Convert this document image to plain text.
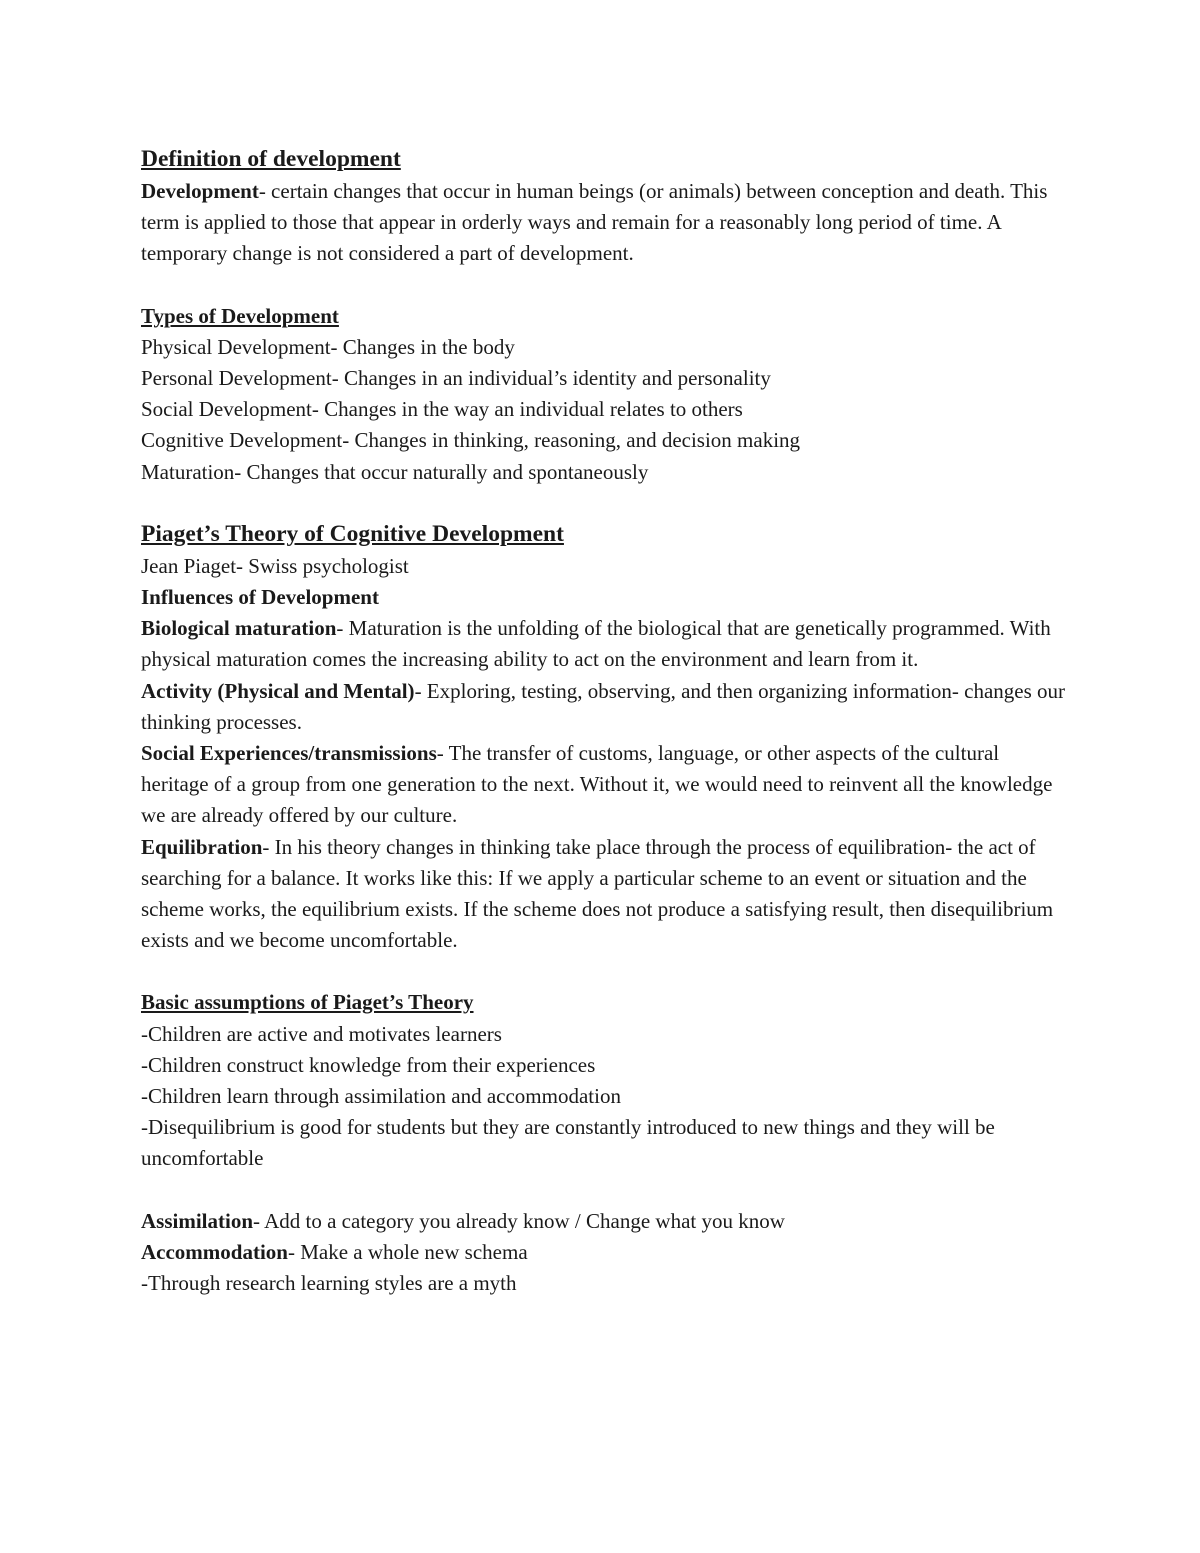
Definition of development

Development- certain changes that occur in human beings (or animals) between conception and death. This term is applied to those that appear in orderly ways and remain for a reasonably long period of time. A temporary change is not considered a part of development.

Types of Development

Physical Development- Changes in the body

Personal Development- Changes in an individual’s identity and personality

Social Development- Changes in the way an individual relates to others

Cognitive Development- Changes in thinking, reasoning, and decision making

Maturation- Changes that occur naturally and spontaneously

Piaget’s Theory of Cognitive Development

Jean Piaget- Swiss psychologist

Influences of Development

Biological maturation- Maturation is the unfolding of the biological that are genetically programmed. With physical maturation comes the increasing ability to act on the environment and learn from it.

Activity (Physical and Mental)- Exploring, testing, observing, and then organizing information- changes our thinking processes.

Social Experiences/transmissions- The transfer of customs, language, or other aspects of the cultural heritage of a group from one generation to the next. Without it, we would need to reinvent all the knowledge we are already offered by our culture.

Equilibration- In his theory changes in thinking take place through the process of equilibration- the act of searching for a balance. It works like this: If we apply a particular scheme to an event or situation and the scheme works, the equilibrium exists. If the scheme does not produce a satisfying result, then disequilibrium exists and we become uncomfortable.

Basic assumptions of Piaget’s Theory

-Children are active and motivates learners

-Children construct knowledge from their experiences

-Children learn through assimilation and accommodation

-Disequilibrium is good for students but they are constantly introduced to new things and they will be uncomfortable

Assimilation- Add to a category you already know / Change what you know

Accommodation- Make a whole new schema

-Through research learning styles are a myth
